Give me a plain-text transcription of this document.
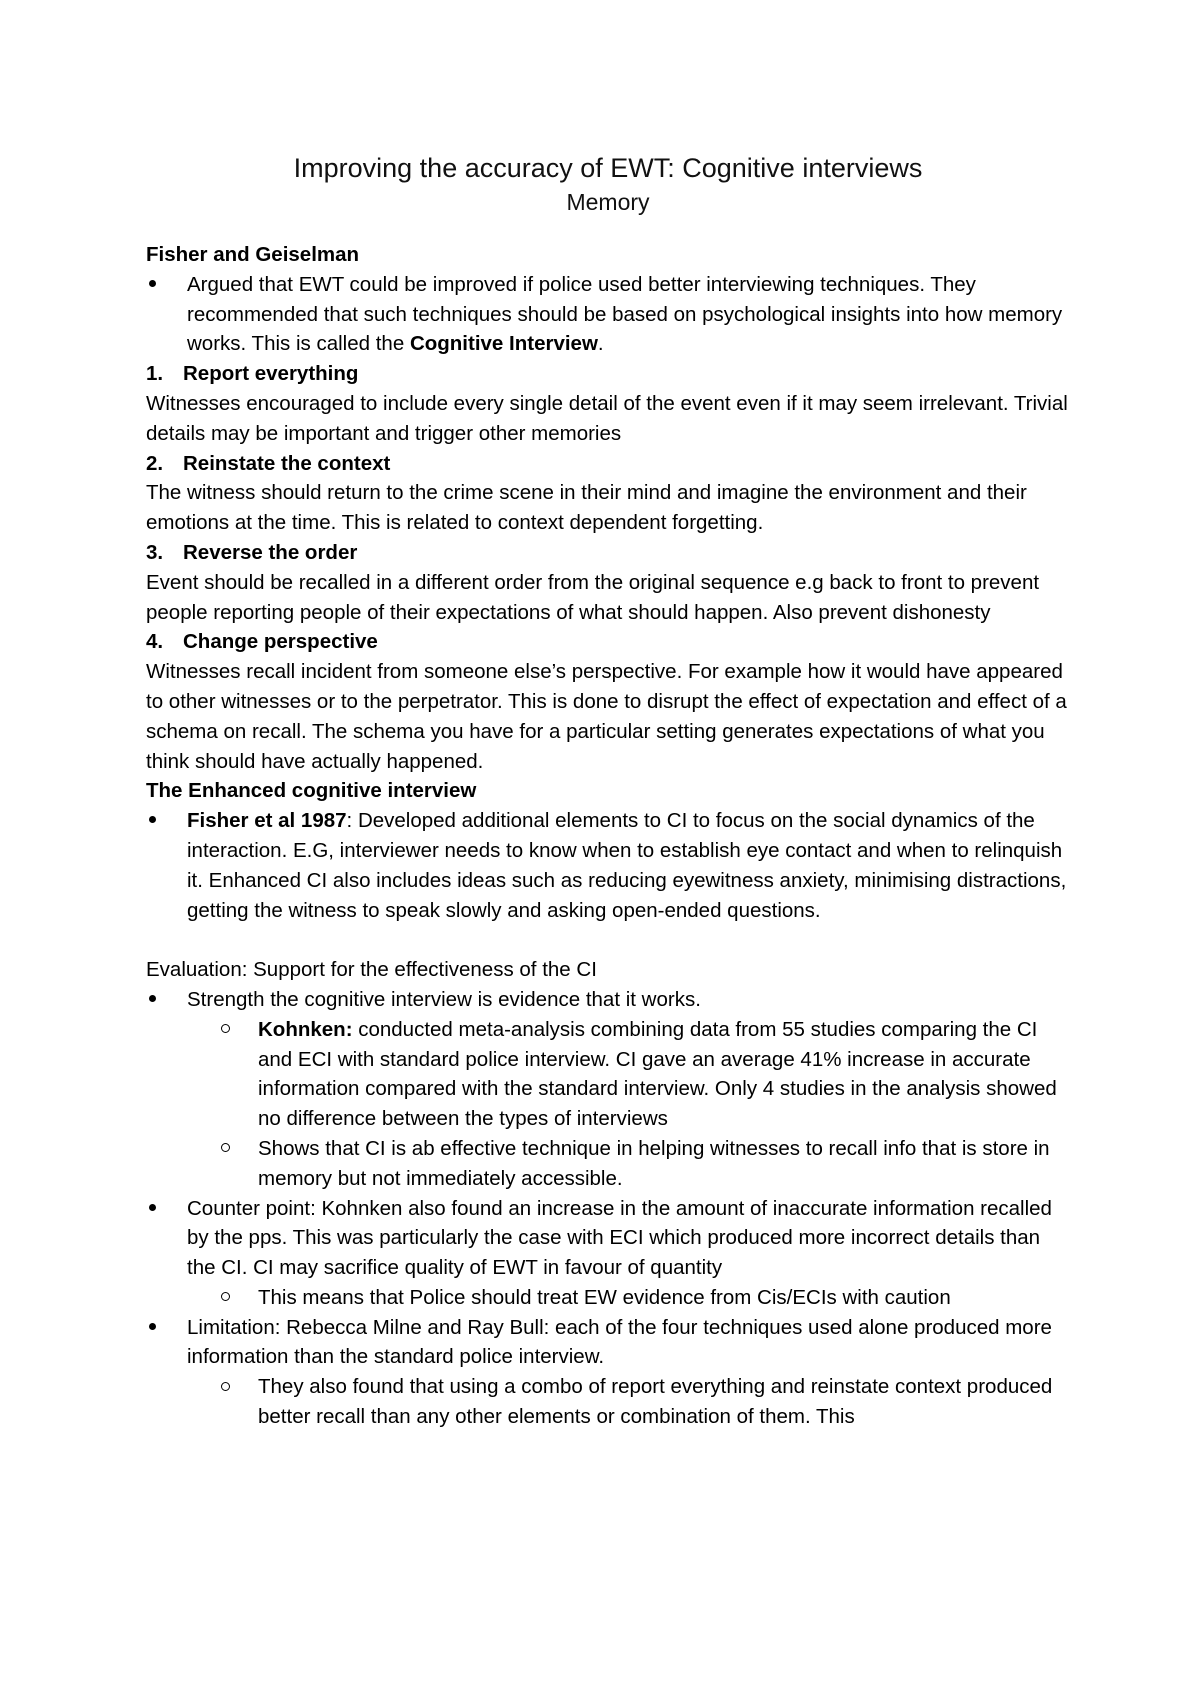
Improving the accuracy of EWT: Cognitive interviews
Memory

Fisher and Geiselman

Argued that EWT could be improved if police used better interviewing techniques. They recommended that such techniques should be based on psychological insights into how memory works. This is called the Cognitive Interview.
1. Report everything

Witnesses encouraged to include every single detail of the event even if it may seem irrelevant. Trivial details may be important and trigger other memories

2. Reinstate the context

The witness should return to the crime scene in their mind and imagine the environment and their emotions at the time. This is related to context dependent forgetting.

3. Reverse the order

Event should be recalled in a different order from the original sequence e.g back to front to prevent people reporting people of their expectations of what should happen. Also prevent dishonesty

4. Change perspective

Witnesses recall incident from someone else’s perspective. For example how it would have appeared to other witnesses or to the perpetrator. This is done to disrupt the effect of expectation and effect of a schema on recall. The schema you have for a particular setting generates expectations of what you think should have actually happened.

The Enhanced cognitive interview

Fisher et al 1987: Developed additional elements to CI to focus on the social dynamics of the interaction. E.G, interviewer needs to know when to establish eye contact and when to relinquish it. Enhanced CI also includes ideas such as reducing eyewitness anxiety, minimising distractions, getting the witness to speak slowly and asking open-ended questions.

Evaluation: Support for the effectiveness of the CI

Strength the cognitive interview is evidence that it works.
Kohnken: conducted meta-analysis combining data from 55 studies comparing the CI and ECI with standard police interview. CI gave an average 41% increase in accurate information compared with the standard interview. Only 4 studies in the analysis showed no difference between the types of interviews
Shows that CI is ab effective technique in helping witnesses to recall info that is store in memory but not immediately accessible.
Counter point: Kohnken also found an increase in the amount of inaccurate information recalled by the pps. This was particularly the case with ECI which produced more incorrect details than the CI. CI may sacrifice quality of EWT in favour of quantity
This means that Police should treat EW evidence from Cis/ECIs with caution
Limitation: Rebecca Milne and Ray Bull: each of the four techniques used alone produced more information than the standard police interview.
They also found that using a combo of report everything and reinstate context produced better recall than any other elements or combination of them. This
